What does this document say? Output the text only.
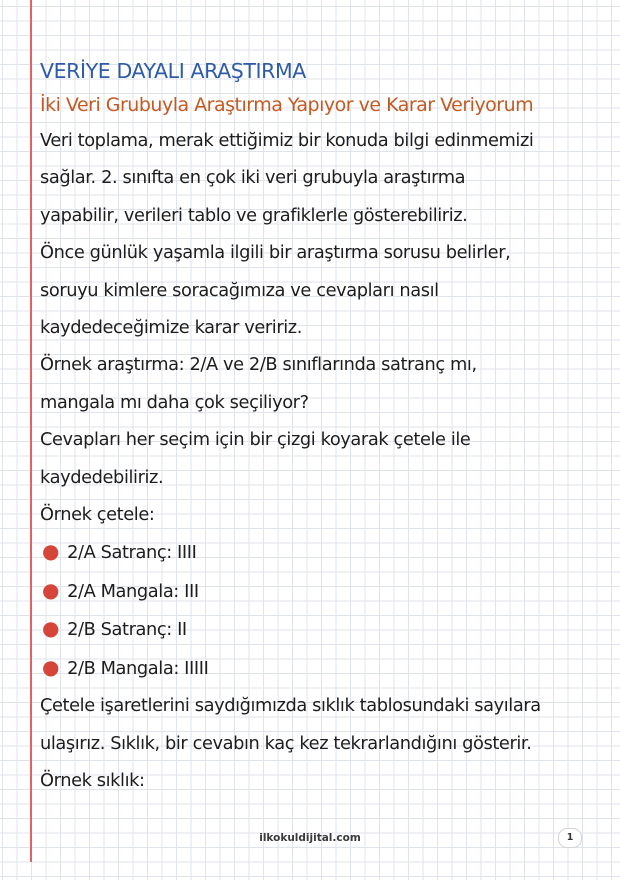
VERİYE DAYALI ARAŞTIRMA
İki Veri Grubuyla Araştırma Yapıyor ve Karar Veriyorum
Veri toplama, merak ettiğimiz bir konuda bilgi edinmemizi
sağlar. 2. sınıfta en çok iki veri grubuyla araştırma
yapabilir, verileri tablo ve grafiklerle gösterebiliriz.
Önce günlük yaşamla ilgili bir araştırma sorusu belirler,
soruyu kimlere soracağımıza ve cevapları nasıl
kaydedeceğimize karar veririz.
Örnek araştırma: 2/A ve 2/B sınıflarında satranç mı,
mangala mı daha çok seçiliyor?
Cevapları her seçim için bir çizgi koyarak çetele ile
kaydedebiliriz.
Örnek çetele:
● 2/A Satranç: IIII
● 2/A Mangala: III
● 2/B Satranç: II
● 2/B Mangala: IIIII
Çetele işaretlerini saydığımızda sıklık tablosundaki sayılara
ulaşırız. Sıklık, bir cevabın kaç kez tekrarlandığını gösterir.
Örnek sıklık:
ilkokuldijital.com	1
